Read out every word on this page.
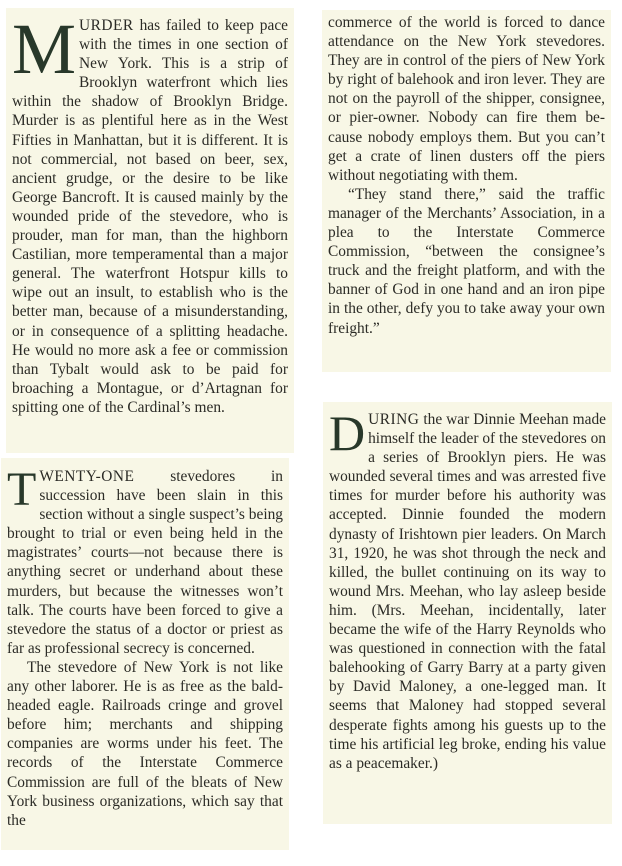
MURDER has failed to keep pace with the times in one section of New York. This is a strip of Brooklyn waterfront which lies within the shadow of Brooklyn Bridge. Murder is as plentiful here as in the West Fifties in Manhattan, but it is different. It is not commercial, not based on beer, sex, ancient grudge, or the desire to be like George Bancroft. It is caused mainly by the wounded pride of the stevedore, who is prouder, man for man, than the highborn Castilian, more temperamental than a major general. The waterfront Hotspur kills to wipe out an insult, to establish who is the better man, because of a misunderstanding, or in consequence of a splitting headache. He would no more ask a fee or commission than Tybalt would ask to be paid for broaching a Montague, or d’Artagnan for spitting one of the Cardinal’s men.

TWENTY-ONE stevedores in succession have been slain in this section without a single suspect’s being brought to trial or even being held in the magistrates’ courts—not because there is anything secret or underhand about these murders, but because the witnesses won’t talk. The courts have been forced to give a stevedore the status of a doctor or priest as far as professional secrecy is concerned.

The stevedore of New York is not like any other laborer. He is as free as the bald-headed eagle. Railroads cringe and grovel before him; merchants and shipping companies are worms under his feet. The records of the Interstate Commerce Commission are full of the bleats of New York business organizations, which say that the

commerce of the world is forced to dance attendance on the New York stevedores. They are in control of the piers of New York by right of balehook and iron lever. They are not on the payroll of the shipper, consignee, or pier-owner. Nobody can fire them because nobody employs them. But you can’t get a crate of linen dusters off the piers without negotiating with them.

“They stand there,” said the traffic manager of the Merchants’ Association, in a plea to the Interstate Commerce Commission, “between the consignee’s truck and the freight platform, and with the banner of God in one hand and an iron pipe in the other, defy you to take away your own freight.”

DURING the war Dinnie Meehan made himself the leader of the stevedores on a series of Brooklyn piers. He was wounded several times and was arrested five times for murder before his authority was accepted. Dinnie founded the modern dynasty of Irishtown pier leaders. On March 31, 1920, he was shot through the neck and killed, the bullet continuing on its way to wound Mrs. Meehan, who lay asleep beside him. (Mrs. Meehan, incidentally, later became the wife of the Harry Reynolds who was questioned in connection with the fatal balehooking of Garry Barry at a party given by David Maloney, a one-legged man. It seems that Maloney had stopped several desperate fights among his guests up to the time his artificial leg broke, ending his value as a peacemaker.)
